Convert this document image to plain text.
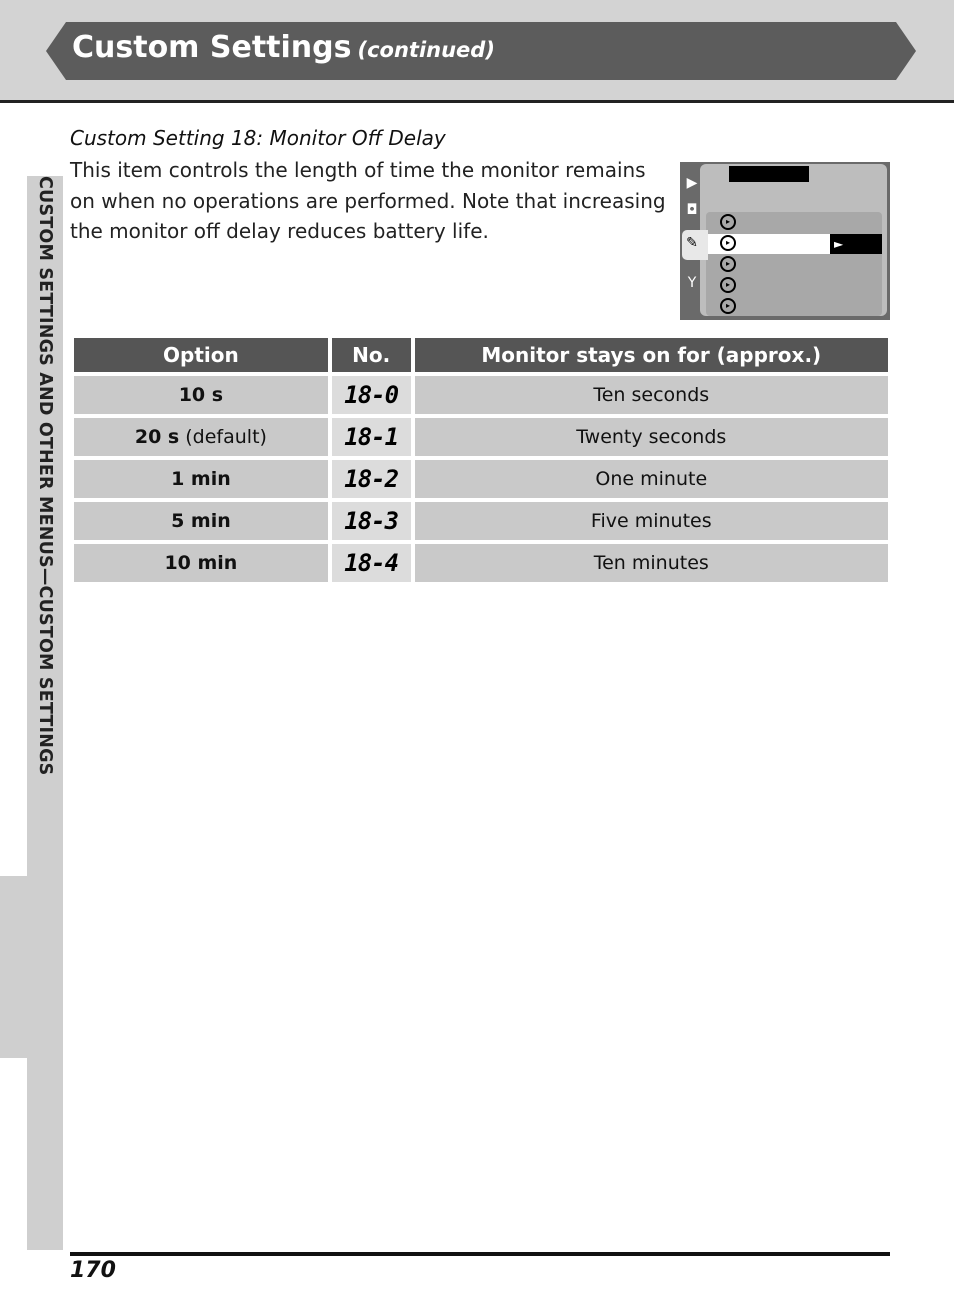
Custom Settings (continued)
CUSTOM SETTINGS AND OTHER MENUS—CUSTOM SETTINGS
Custom Setting 18: Monitor Off Delay
This item controls the length of time the monitor remains on when no operations are performed. Note that increasing the monitor off delay reduces battery life.
▶
◘
✎
Y
►
▸
▸
▸
▸
▸
Option	No.	Monitor stays on for (approx.)
10 s	18-0	Ten seconds
20 s (default)	18-1	Twenty seconds
1 min	18-2	One minute
5 min	18-3	Five minutes
10 min	18-4	Ten minutes
170
